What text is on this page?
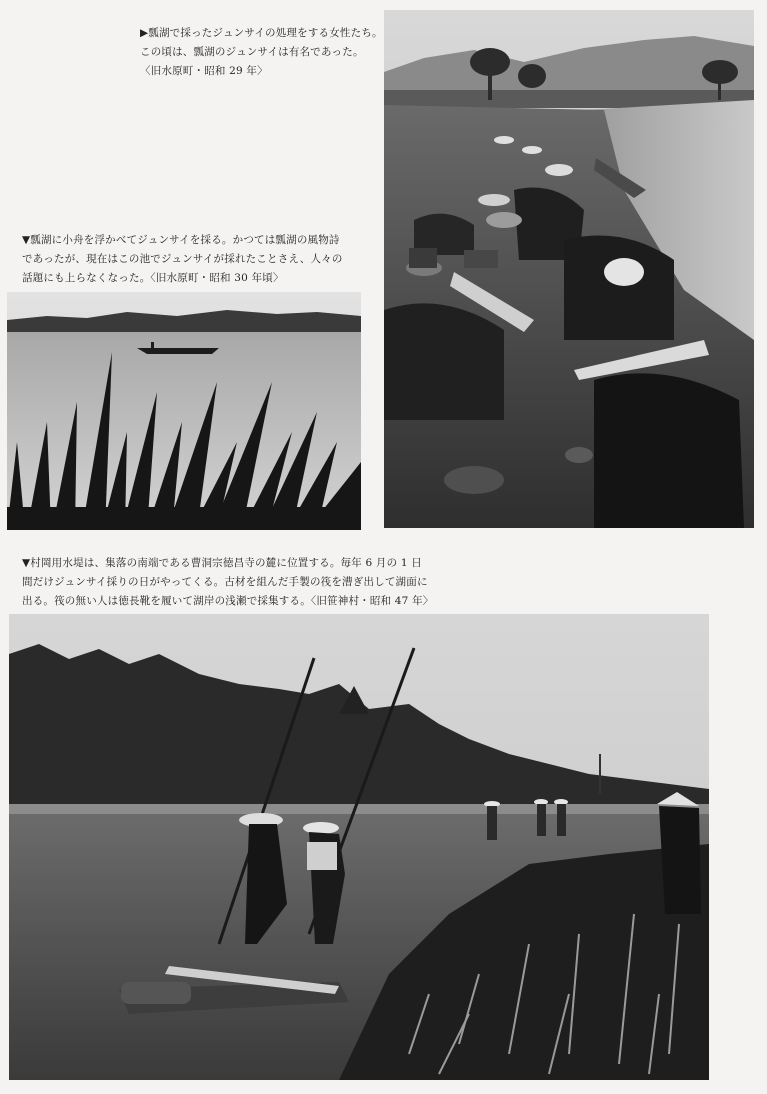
▶瓢湖で採ったジュンサイの処理をする女性たち。
この頃は、瓢湖のジュンサイは有名であった。
〈旧水原町・昭和 29 年〉
▼瓢湖に小舟を浮かべてジュンサイを採る。かつては瓢湖の風物詩
であったが、現在はこの池でジュンサイが採れたことさえ、人々の
話題にも上らなくなった。〈旧水原町・昭和 30 年頃〉
▼村岡用水堤は、集落の南端である曹洞宗徳昌寺の麓に位置する。毎年 6 月の 1 日
間だけジュンサイ採りの日がやってくる。古材を組んだ手製の筏を漕ぎ出して湖面に
出る。筏の無い人は徳長靴を履いて湖岸の浅瀬で採集する。〈旧笹神村・昭和 47 年〉
